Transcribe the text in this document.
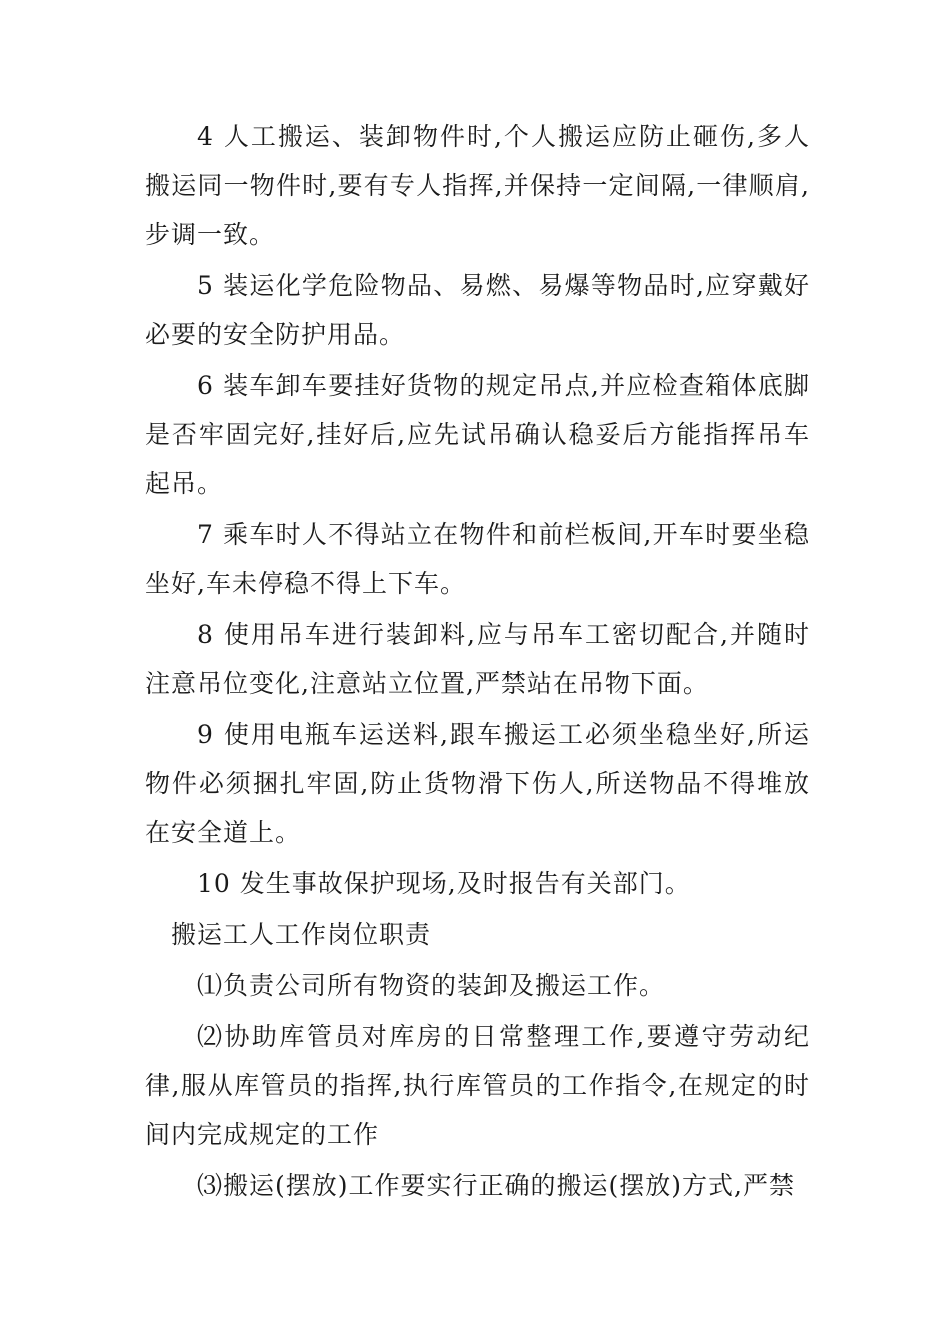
4 人工搬运、装卸物件时,个人搬运应防止砸伤,多人搬运同一物件时,要有专人指挥,并保持一定间隔,一律顺肩,步调一致。

5 装运化学危险物品、易燃、易爆等物品时,应穿戴好必要的安全防护用品。

6 装车卸车要挂好货物的规定吊点,并应检查箱体底脚是否牢固完好,挂好后,应先试吊确认稳妥后方能指挥吊车起吊。

7 乘车时人不得站立在物件和前栏板间,开车时要坐稳坐好,车未停稳不得上下车。

8 使用吊车进行装卸料,应与吊车工密切配合,并随时注意吊位变化,注意站立位置,严禁站在吊物下面。

9 使用电瓶车运送料,跟车搬运工必须坐稳坐好,所运物件必须捆扎牢固,防止货物滑下伤人,所送物品不得堆放在安全道上。

10 发生事故保护现场,及时报告有关部门。

搬运工人工作岗位职责

⑴负责公司所有物资的装卸及搬运工作。

⑵协助库管员对库房的日常整理工作,要遵守劳动纪律,服从库管员的指挥,执行库管员的工作指令,在规定的时间内完成规定的工作

⑶搬运(摆放)工作要实行正确的搬运(摆放)方式,严禁
